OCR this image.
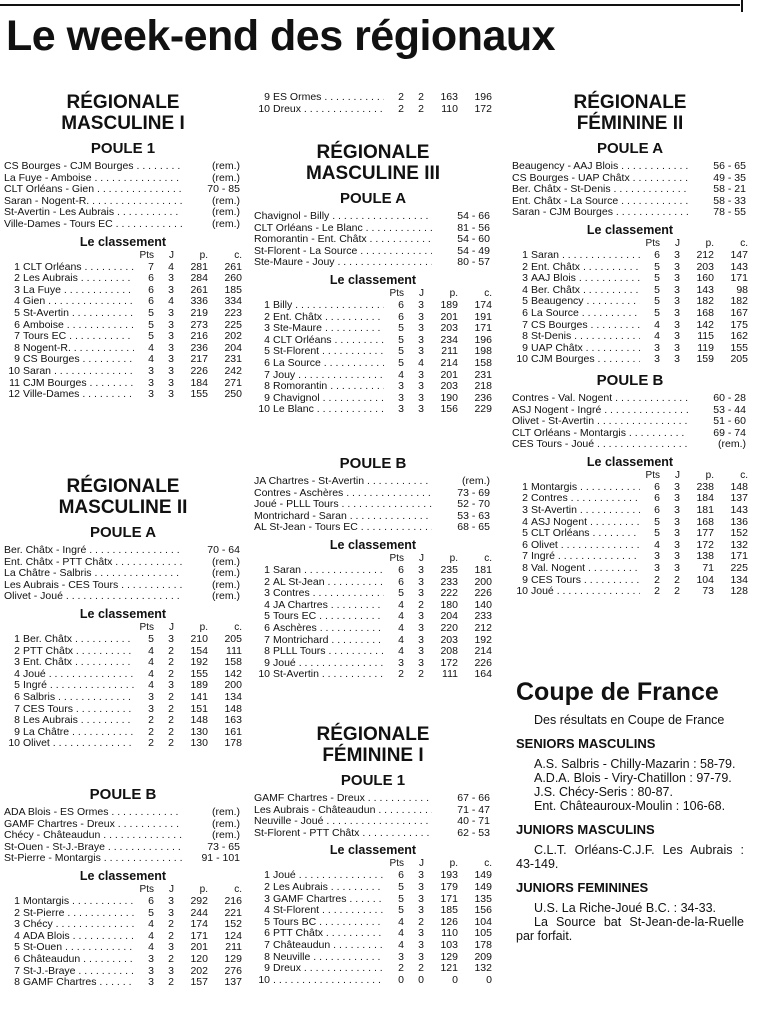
Le week-end des régionaux
RÉGIONALE
MASCULINE I
POULE 1
CS Bourges - CJM Bourges . . .	(rem.)
La Fuye - Amboise . . .	(rem.)
CLT Orléans - Gien . . .	70 - 85
Saran - Nogent-R. . . .	(rem.)
St-Avertin - Les Aubrais . . .	(rem.)
Ville-Dames - Tours EC . . .	(rem.)
Le classement
Pts	J	p.	c.
1 CLT Orléans . . .	7	4	281	261
2 Les Aubrais . . .	6	3	284	260
3 La Fuye . . .	6	3	261	185
4 Gien . . .	6	4	336	334
5 St-Avertin . . .	5	3	219	223
6 Amboise . . .	5	3	273	225
7 Tours EC . . .	5	3	216	202
8 Nogent-R. . . .	4	3	236	204
9 CS Bourges . . .	4	3	217	231
10 Saran . . .	3	3	226	242
11 CJM Bourges . . .	3	3	184	271
12 Ville-Dames . . .	3	3	155	250
RÉGIONALE
MASCULINE II
POULE A
Ber. Châtx - Ingré . . .	70 - 64
Ent. Châtx - PTT Châtx . . .	(rem.)
La Châtre - Salbris . . .	(rem.)
Les Aubrais - CES Tours . . .	(rem.)
Olivet - Joué . . .	(rem.)
Le classement
Pts	J	p.	c.
1 Ber. Châtx . . .	5	3	210	205
2 PTT Châtx . . .	4	2	154	111
3 Ent. Châtx . . .	4	2	192	158
4 Joué . . .	4	2	155	142
5 Ingré . . .	4	3	189	200
6 Salbris . . .	3	2	141	134
7 CES Tours . . .	3	2	151	148
8 Les Aubrais . . .	2	2	148	163
9 La Châtre . . .	2	2	130	161
10 Olivet . . .	2	2	130	178
POULE B
ADA Blois - ES Ormes . . .	(rem.)
GAMF Chartres - Dreux . . .	(rem.)
Chécy - Châteaudun . . .	(rem.)
St-Ouen - St-J.-Braye . . .	73 - 65
St-Pierre - Montargis . . .	91 - 101
Le classement
Pts	J	p.	c.
1 Montargis . . .	6	3	292	216
2 St-Pierre . . .	5	3	244	221
3 Chécy . . .	4	2	174	152
4 ADA Blois . . .	4	2	171	124
5 St-Ouen . . .	4	3	201	211
6 Châteaudun . . .	3	2	120	129
7 St-J.-Braye . . .	3	3	202	276
8 GAMF Chartres . . .	3	2	157	137
9 ES Ormes . . .	2	2	163	196
10 Dreux . . .	2	2	110	172
RÉGIONALE
MASCULINE III
POULE A
Chavignol - Billy . . .	54 - 66
CLT Orléans - Le Blanc . . .	81 - 56
Romorantin - Ent. Châtx . . .	54 - 60
St-Florent - La Source . . .	54 - 49
Ste-Maure - Jouy . . .	80 - 57
Le classement
Pts	J	p.	c.
1 Billy . . .	6	3	189	174
2 Ent. Châtx . . .	6	3	201	191
3 Ste-Maure . . .	5	3	203	171
4 CLT Orléans . . .	5	3	234	196
5 St-Florent . . .	5	3	211	198
6 La Source . . .	5	4	214	158
7 Jouy . . .	4	3	201	231
8 Romorantin . . .	3	3	203	218
9 Chavignol . . .	3	3	190	236
10 Le Blanc . . .	3	3	156	229
POULE B
JA Chartres - St-Avertin . . .	(rem.)
Contres - Aschères . . .	73 - 69
Joué - PLLL Tours . . .	52 - 70
Montrichard - Saran . . .	53 - 63
AL St-Jean - Tours EC . . .	68 - 65
Le classement
Pts	J	p.	c.
1 Saran . . .	6	3	235	181
2 AL St-Jean . . .	6	3	233	200
3 Contres . . .	5	3	222	226
4 JA Chartres . . .	4	2	180	140
5 Tours EC . . .	4	3	204	233
6 Aschères . . .	4	3	220	212
7 Montrichard . . .	4	3	203	192
8 PLLL Tours . . .	4	3	208	214
9 Joué . . .	3	3	172	226
10 St-Avertin . . .	2	2	111	164
RÉGIONALE
FÉMININE I
POULE 1
GAMF Chartres - Dreux . . .	67 - 66
Les Aubrais - Châteaudun . . .	71 - 47
Neuville - Joué . . .	40 - 71
St-Florent - PTT Châtx . . .	62 - 53
Le classement
Pts	J	p.	c.
1 Joué . . .	6	3	193	149
2 Les Aubrais . . .	5	3	179	149
3 GAMF Chartres . . .	5	3	171	135
4 St-Florent . . .	5	3	185	156
5 Tours BC . . .	4	2	126	104
6 PTT Châtx . . .	4	3	110	105
7 Châteaudun . . .	4	3	103	178
8 Neuville . . .	3	3	129	209
9 Dreux . . .	2	2	121	132
10
. . .	0	0	0	0
RÉGIONALE
FÉMININE II
POULE A
Beaugency - AAJ Blois . . .	56 - 65
CS Bourges - UAP Châtx . . .	49 - 35
Ber. Châtx - St-Denis . . .	58 - 21
Ent. Châtx - La Source . . .	58 - 33
Saran - CJM Bourges . . .	78 - 55
Le classement
Pts	J	p.	c.
1 Saran . . .	6	3	212	147
2 Ent. Châtx . . .	5	3	203	143
3 AAJ Blois . . .	5	3	160	171
4 Ber. Châtx . . .	5	3	143	98
5 Beaugency . . .	5	3	182	182
6 La Source . . .	5	3	168	167
7 CS Bourges . . .	4	3	142	175
8 St-Denis . . .	4	3	115	162
9 UAP Châtx . . .	3	3	119	155
10 CJM Bourges . . .	3	3	159	205
POULE B
Contres - Val. Nogent . . .	60 - 28
ASJ Nogent - Ingré . . .	53 - 44
Olivet - St-Avertin . . .	51 - 60
CLT Orléans - Montargis . . .	69 - 74
CES Tours - Joué . . .	(rem.)
Le classement
Pts	J	p.	c.
1 Montargis . . .	6	3	238	148
2 Contres . . .	6	3	184	137
3 St-Avertin . . .	6	3	181	143
4 ASJ Nogent . . .	5	3	168	136
5 CLT Orléans . . .	5	3	177	152
6 Olivet . . .	4	3	172	132
7 Ingré . . .	3	3	138	171
8 Val. Nogent . . .	3	3	71	225
9 CES Tours . . .	2	2	104	134
10 Joué . . .	2	2	73	128
Coupe de France

Des résultats en Coupe de France

SENIORS MASCULINS

A.S. Salbris - Chilly-Mazarin : 58-79.

A.D.A. Blois - Viry-Chatillon : 97-79.

J.S. Chécy-Seris : 80-87.

Ent. Châteauroux-Moulin : 106-68.

JUNIORS MASCULINS

C.L.T. Orléans-C.J.F. Les Aubrais : 43-149.

JUNIORS FEMININES

U.S. La Riche-Joué B.C. : 34-33.

La Source bat St-Jean-de-la-Ruelle par forfait.
